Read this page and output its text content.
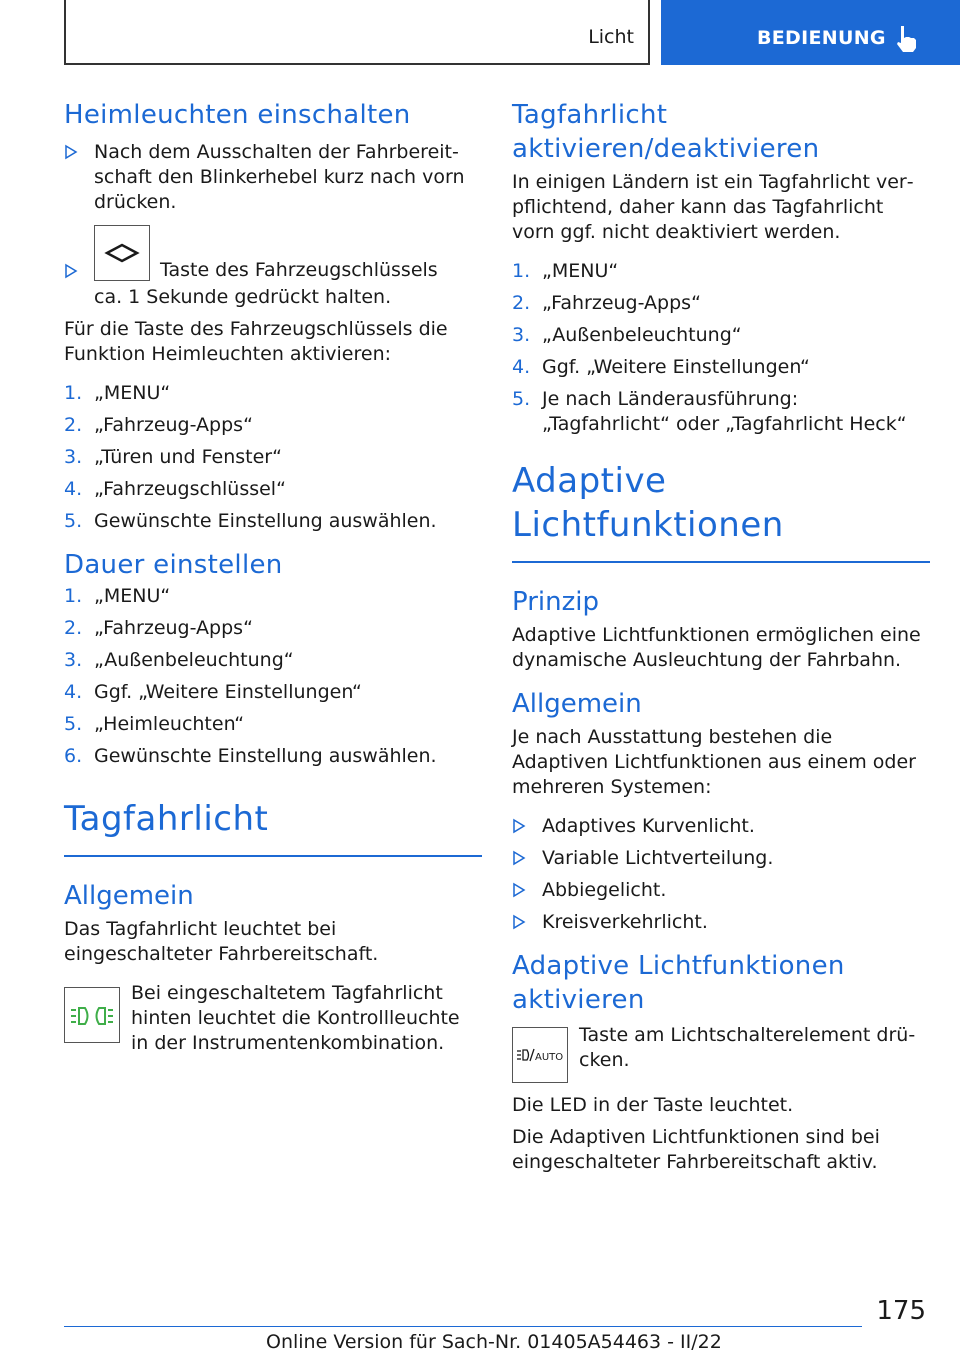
Licht	BEDIENUNG
Heimleuchten einschalten
Nach dem Ausschalten der Fahrbereitschaft den Blinkerhebel kurz nach vorn drücken.
Taste des Fahrzeugschlüssels
ca. 1 Sekunde gedrückt halten.

Für die Taste des Fahrzeugschlüssels die Funktion Heimleuchten aktivieren:

1. „MENU“
2. „Fahrzeug-Apps“
3. „Türen und Fenster“
4. „Fahrzeugschlüssel“
5. Gewünschte Einstellung auswählen.
Dauer einstellen
1. „MENU“
2. „Fahrzeug-Apps“
3. „Außenbeleuchtung“
4. Ggf. „Weitere Einstellungen“
5. „Heimleuchten“
6. Gewünschte Einstellung auswählen.
Tagfahrlicht
Allgemein

Das Tagfahrlicht leuchtet bei eingeschalteter Fahrbereitschaft.

Bei eingeschaltetem Tagfahrlicht hinten leuchtet die Kontrollleuchte in der Instrumentenkombination.
Tagfahrlicht aktivieren/deaktivieren

In einigen Ländern ist ein Tagfahrlicht verpflichtend, daher kann das Tagfahrlicht vorn ggf. nicht deaktiviert werden.

1. „MENU“
2. „Fahrzeug-Apps“
3. „Außenbeleuchtung“
4. Ggf. „Weitere Einstellungen“
5. Je nach Länderausführung: „Tagfahrlicht“ oder „Tagfahrlicht Heck“
Adaptive Lichtfunktionen
Prinzip

Adaptive Lichtfunktionen ermöglichen eine dynamische Ausleuchtung der Fahrbahn.

Allgemein

Je nach Ausstattung bestehen die Adaptiven Lichtfunktionen aus einem oder mehreren Systemen:

Adaptives Kurvenlicht.
Variable Lichtverteilung.
Abbiegelicht.
Kreisverkehrlicht.
Adaptive Lichtfunktionen aktivieren
AUTO
Taste am Lichtschalterelement drücken.

Die LED in der Taste leuchtet.

Die Adaptiven Lichtfunktionen sind bei eingeschalteter Fahrbereitschaft aktiv.

175
Online Version für Sach-Nr. 01405A54463 - II/22
